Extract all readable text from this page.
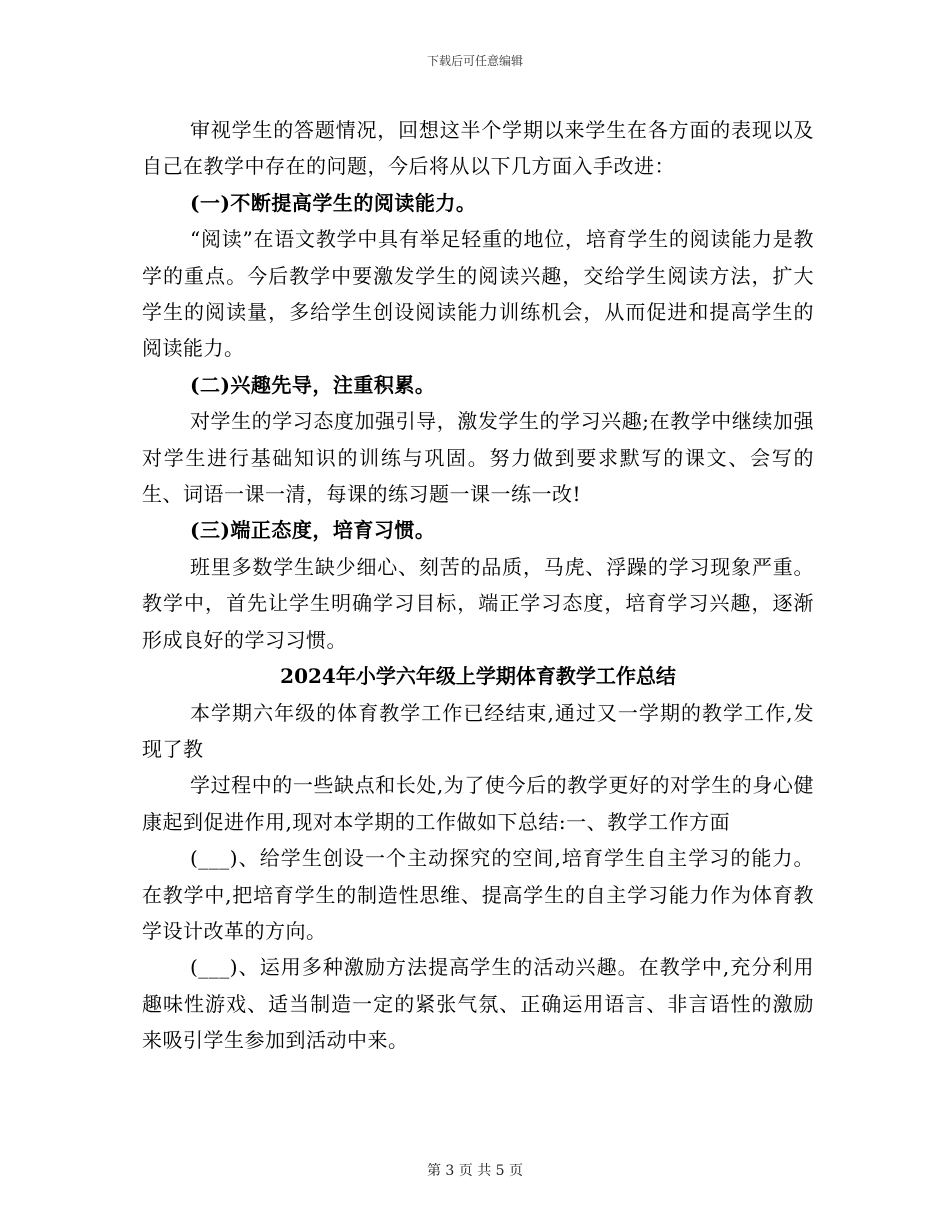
下载后可任意编辑

审视学生的答题情况，回想这半个学期以来学生在各方面的表现以及自己在教学中存在的问题，今后将从以下几方面入手改进：

(一)不断提高学生的阅读能力。

“阅读”在语文教学中具有举足轻重的地位，培育学生的阅读能力是教学的重点。今后教学中要激发学生的阅读兴趣，交给学生阅读方法，扩大学生的阅读量，多给学生创设阅读能力训练机会，从而促进和提高学生的阅读能力。

(二)兴趣先导，注重积累。

对学生的学习态度加强引导，激发学生的学习兴趣;在教学中继续加强对学生进行基础知识的训练与巩固。努力做到要求默写的课文、会写的生、词语一课一清，每课的练习题一课一练一改!

(三)端正态度，培育习惯。

班里多数学生缺少细心、刻苦的品质，马虎、浮躁的学习现象严重。教学中，首先让学生明确学习目标，端正学习态度，培育学习兴趣，逐渐形成良好的学习习惯。

2024年小学六年级上学期体育教学工作总结

本学期六年级的体育教学工作已经结束,通过又一学期的教学工作,发现了教

学过程中的一些缺点和长处,为了使今后的教学更好的对学生的身心健康起到促进作用,现对本学期的工作做如下总结:一、教学工作方面

(___)、给学生创设一个主动探究的空间,培育学生自主学习的能力。在教学中,把培育学生的制造性思维、提高学生的自主学习能力作为体育教学设计改革的方向。

(___)、运用多种激励方法提高学生的活动兴趣。在教学中,充分利用趣味性游戏、适当制造一定的紧张气氛、正确运用语言、非言语性的激励来吸引学生参加到活动中来。

第 3 页 共 5 页
